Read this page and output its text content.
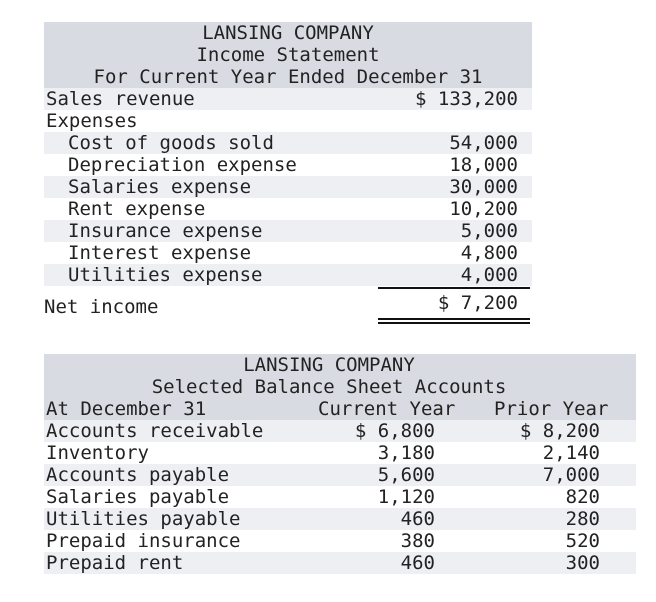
LANSING COMPANY
Income Statement
For Current Year Ended December 31
Sales revenue	$ 133,200
Expenses
Cost of goods sold	54,000
Depreciation expense	18,000
Salaries expense	30,000
Rent expense	10,200
Insurance expense	5,000
Interest expense	4,800
Utilities expense	4,000
Net income	$ 7,200
LANSING COMPANY
Selected Balance Sheet Accounts
At December 31	Current Year Prior Year
Accounts receivable	$ 6,800	$ 8,200
Inventory	3,180	2,140
Accounts payable	5,600	7,000
Salaries payable	1,120	820
Utilities payable	460	280
Prepaid insurance	380	520
Prepaid rent	460	300
